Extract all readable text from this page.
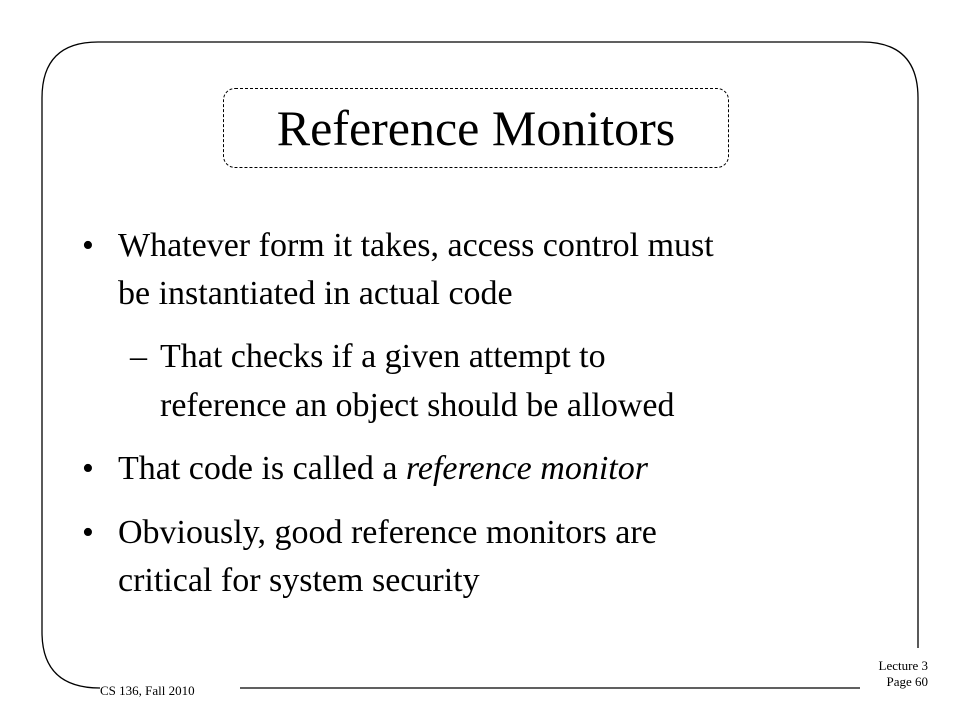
Reference Monitors
• Whatever form it takes, access control must
be instantiated in actual code
– That checks if a given attempt to
reference an object should be allowed
• That code is called a reference monitor
• Obviously, good reference monitors are
critical for system security
CS 136, Fall 2010
Lecture 3
Page 60
